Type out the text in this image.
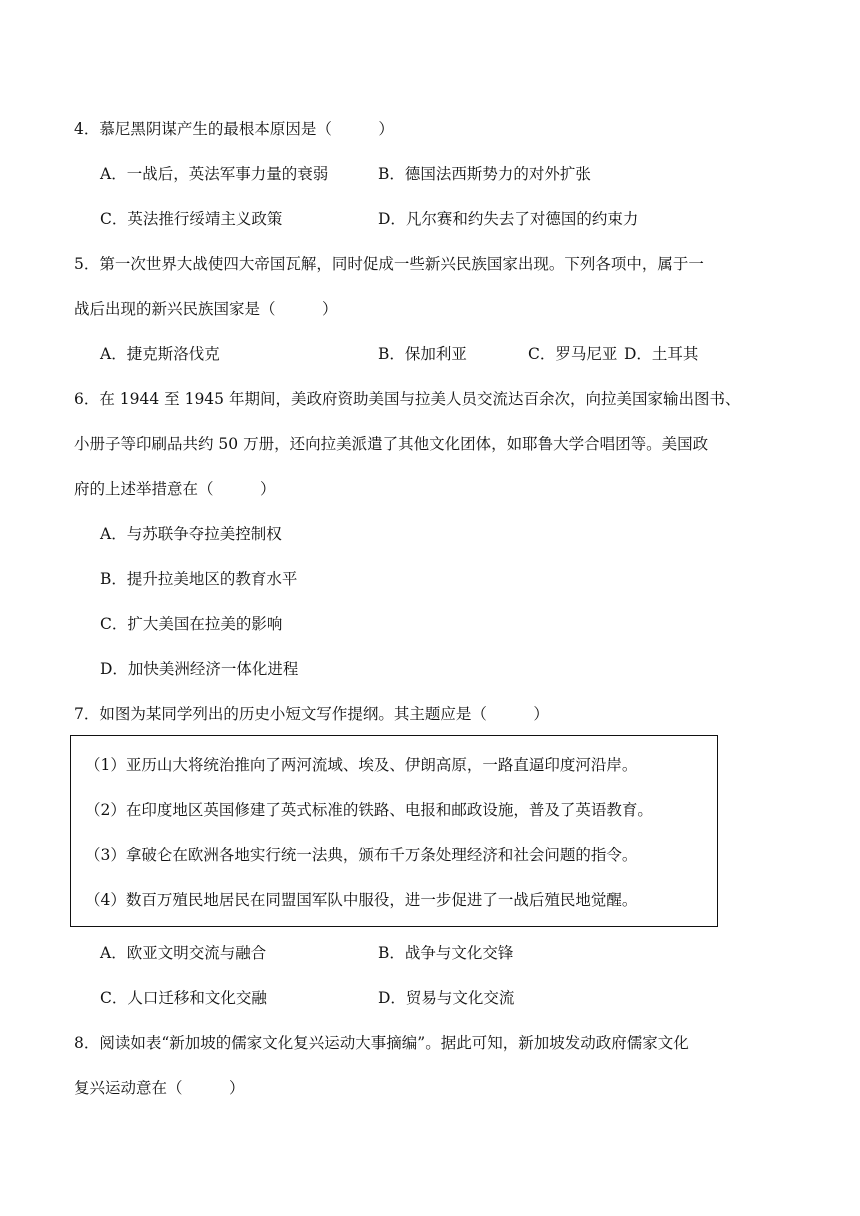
4．慕尼黑阴谋产生的最根本原因是（　　　）
A．一战后，英法军事力量的衰弱	B．德国法西斯势力的对外扩张
C．英法推行绥靖主义政策	D．凡尔赛和约失去了对德国的约束力
5．第一次世界大战使四大帝国瓦解，同时促成一些新兴民族国家出现。下列各项中，属于一
战后出现的新兴民族国家是（　　　）
A．捷克斯洛伐克	B．保加利亚	C．罗马尼亚 D．土耳其
6．在 1944 至 1945 年期间，美政府资助美国与拉美人员交流达百余次，向拉美国家输出图书、
小册子等印刷品共约 50 万册，还向拉美派遣了其他文化团体，如耶鲁大学合唱团等。美国政
府的上述举措意在（　　　）
A．与苏联争夺拉美控制权
B．提升拉美地区的教育水平
C．扩大美国在拉美的影响
D．加快美洲经济一体化进程
7．如图为某同学列出的历史小短文写作提纲。其主题应是（　　　）
（1）亚历山大将统治推向了两河流域、埃及、伊朗高原，一路直逼印度河沿岸。
（2）在印度地区英国修建了英式标准的铁路、电报和邮政设施，普及了英语教育。
（3）拿破仑在欧洲各地实行统一法典，颁布千万条处理经济和社会问题的指令。
（4）数百万殖民地居民在同盟国军队中服役，进一步促进了一战后殖民地觉醒。
A．欧亚文明交流与融合	B．战争与文化交锋
C．人口迁移和文化交融	D．贸易与文化交流
8．阅读如表“新加坡的儒家文化复兴运动大事摘编”。据此可知，新加坡发动政府儒家文化
复兴运动意在（　　　）
